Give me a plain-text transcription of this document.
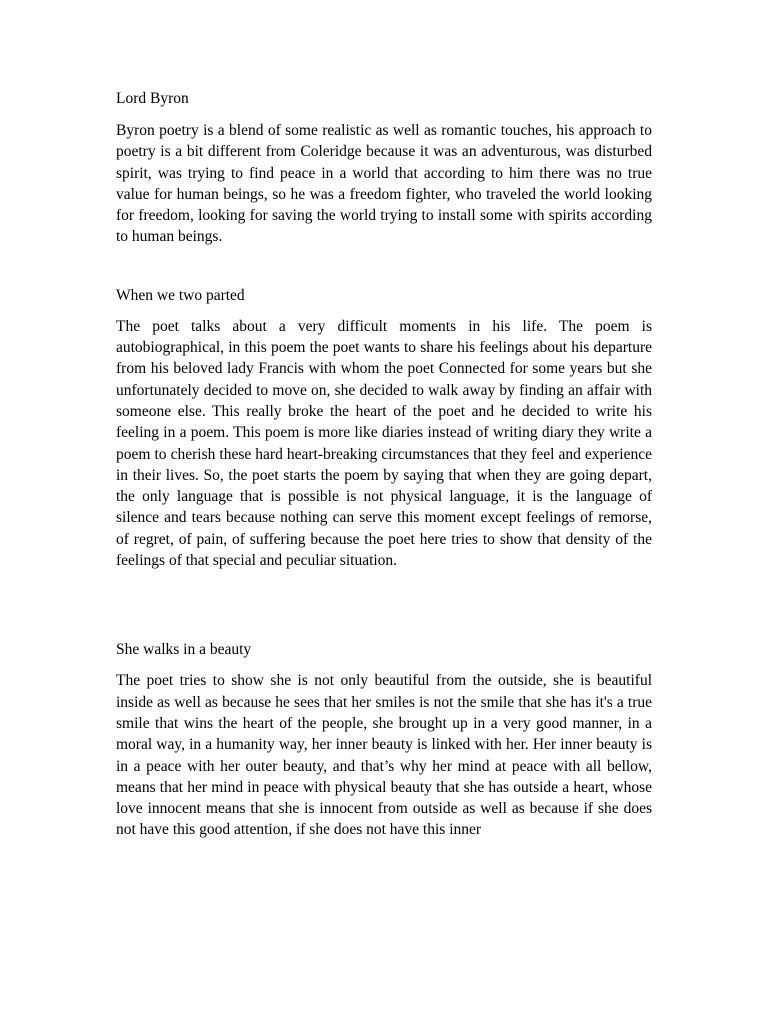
Lord Byron

Byron poetry is a blend of some realistic as well as romantic touches, his approach to poetry is a bit different from Coleridge because it was an adventurous, was disturbed spirit, was trying to find peace in a world that according to him there was no true value for human beings, so he was a freedom fighter, who traveled the world looking for freedom, looking for saving the world trying to install some with spirits according to human beings.

When we two parted

The poet talks about a very difficult moments in his life. The poem is autobiographical, in this poem the poet wants to share his feelings about his departure from his beloved lady Francis with whom the poet Connected for some years but she unfortunately decided to move on, she decided to walk away by finding an affair with someone else. This really broke the heart of the poet and he decided to write his feeling in a poem. This poem is more like diaries instead of writing diary they write a poem to cherish these hard heart-breaking circumstances that they feel and experience in their lives. So, the poet starts the poem by saying that when they are going depart, the only language that is possible is not physical language, it is the language of silence and tears because nothing can serve this moment except feelings of remorse, of regret, of pain, of suffering because the poet here tries to show that density of the feelings of that special and peculiar situation.

She walks in a beauty

The poet tries to show she is not only beautiful from the outside, she is beautiful inside as well as because he sees that her smiles is not the smile that she has it's a true smile that wins the heart of the people, she brought up in a very good manner, in a moral way, in a humanity way, her inner beauty is linked with her. Her inner beauty is in a peace with her outer beauty, and that’s why her mind at peace with all bellow, means that her mind in peace with physical beauty that she has outside a heart, whose love innocent means that she is innocent from outside as well as because if she does not have this good attention, if she does not have this inner
